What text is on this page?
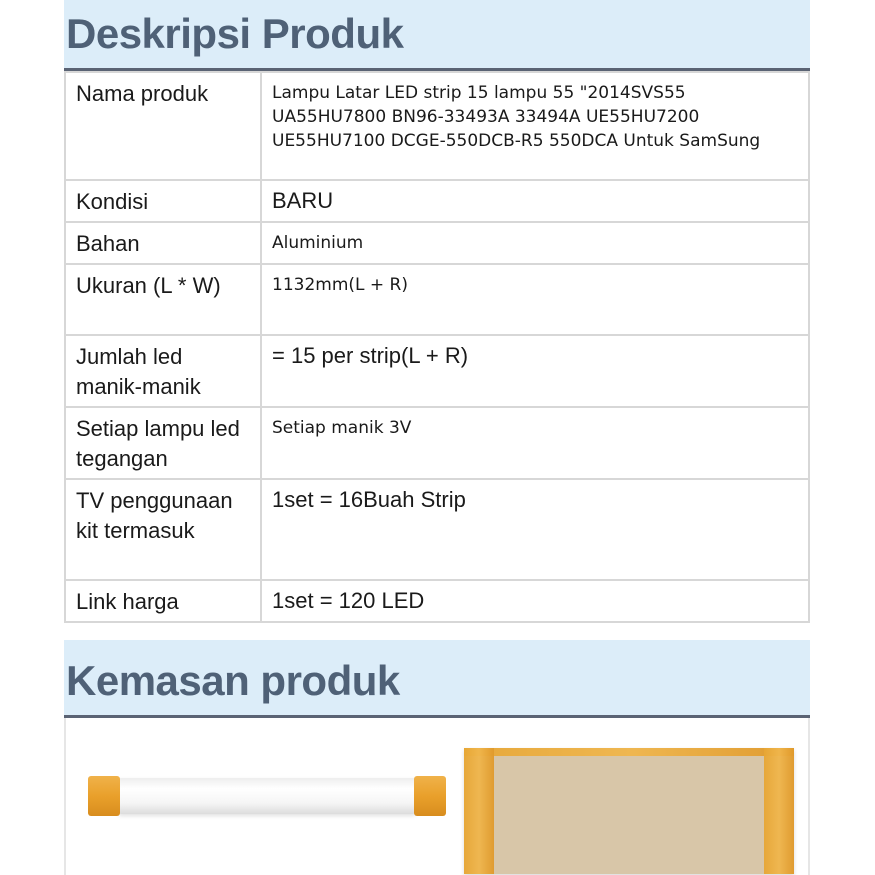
Deskripsi Produk
Nama produk	Lampu Latar LED strip 15 lampu 55 "2014SVS55 UA55HU7800 BN96-33493A 33494A UE55HU7200 UE55HU7100 DCGE-550DCB-R5 550DCA Untuk SamSung

Kondisi	BARU

Bahan	Aluminium

Ukuran (L * W)	1132mm(L + R)

Jumlah led manik-manik	= 15 per strip(L + R)

Setiap lampu led tegangan	Setiap manik 3V

TV penggunaan kit termasuk	1set = 16Buah Strip

Link harga	1set = 120 LED
Kemasan produk
